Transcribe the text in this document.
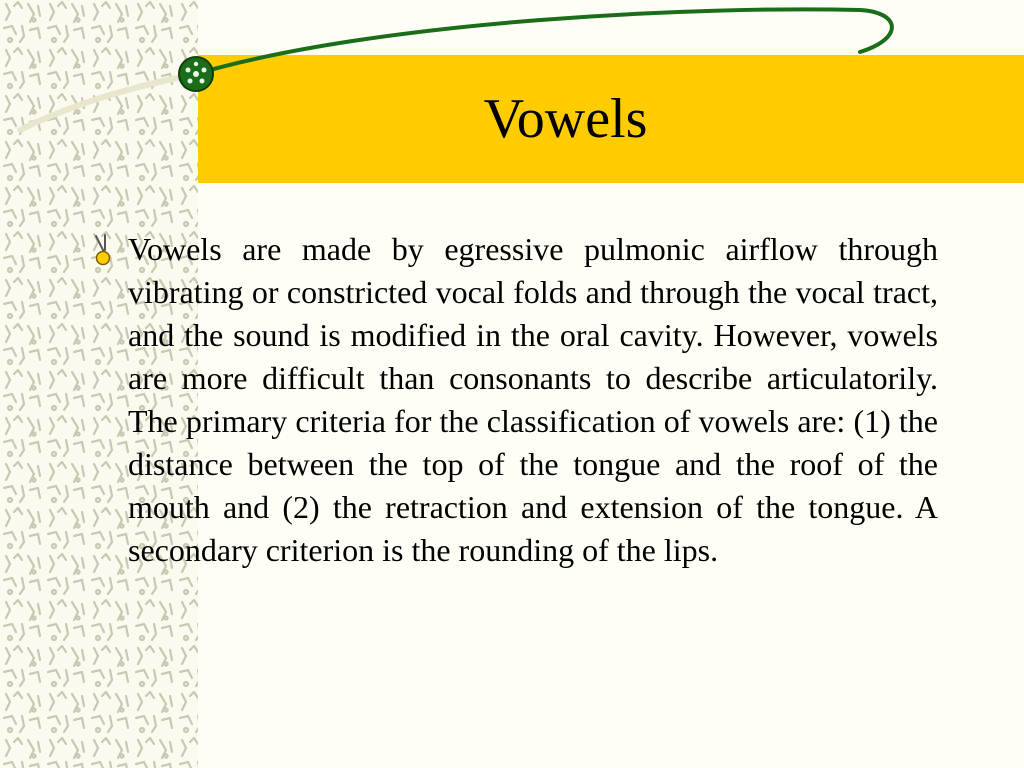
Vowels

Vowels are made by egressive pulmonic airflow through vibrating or constricted vocal folds and through the vocal tract, and the sound is modified in the oral cavity. However, vowels are more difficult than consonants to describe articulatorily. The primary criteria for the classification of vowels are: (1) the distance between the top of the tongue and the roof of the mouth and (2) the retraction and extension of the tongue. A secondary criterion is the rounding of the lips.
